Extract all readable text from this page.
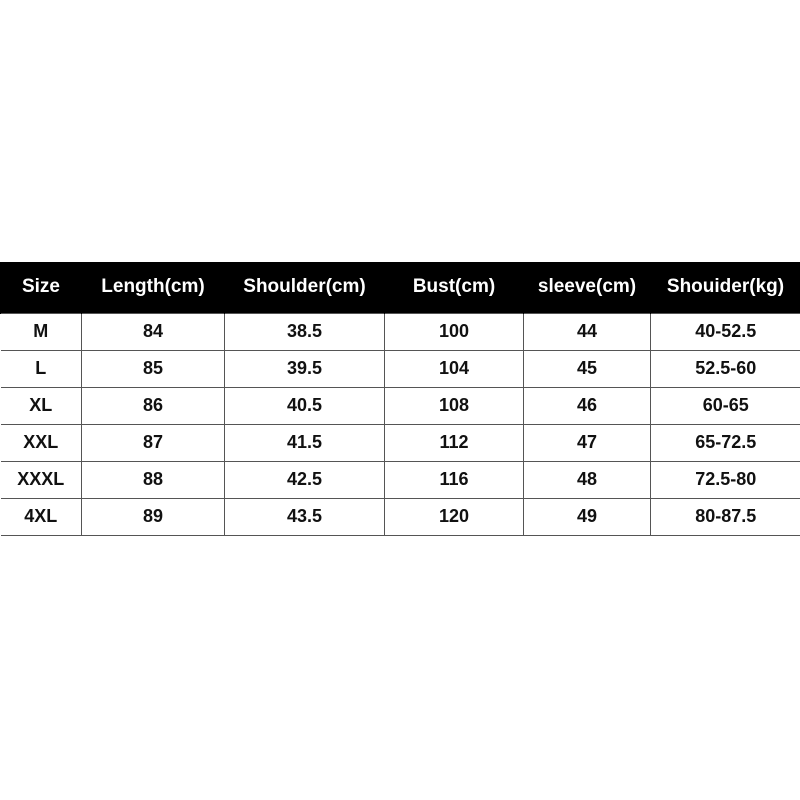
Size	Length(cm)	Shoulder(cm)	Bust(cm)	sleeve(cm)	Shouider(kg)
M	84	38.5	100	44	40-52.5
L	85	39.5	104	45	52.5-60
XL	86	40.5	108	46	60-65
XXL	87	41.5	112	47	65-72.5
XXXL	88	42.5	116	48	72.5-80
4XL	89	43.5	120	49	80-87.5
